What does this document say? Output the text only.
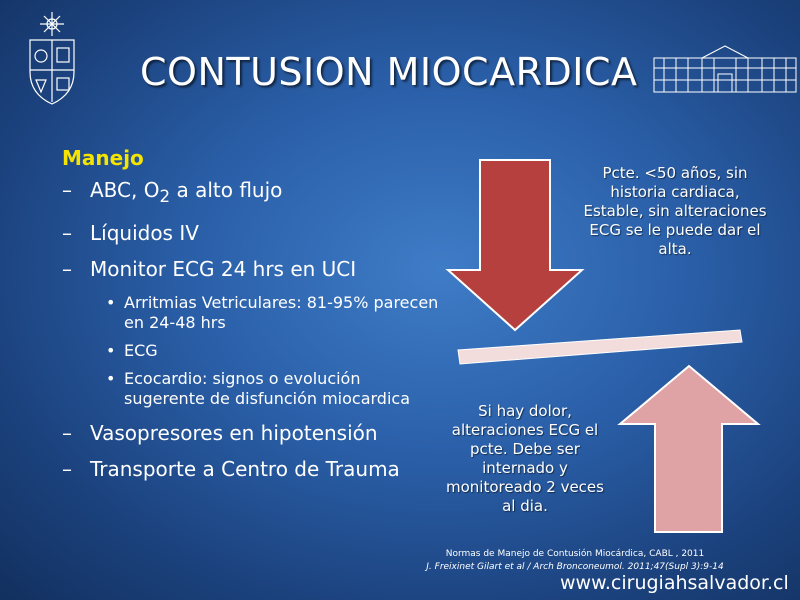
CONTUSION MIOCARDICA
Manejo
– ABC, $O_2$ a alto flujo
– Líquidos IV
– Monitor ECG 24 hrs en UCI
• Arritmias Vetriculares: 81-95% parecen en 24-48 hrs
• ECG
• Ecocardio: signos o evolución sugerente de disfunción miocardica
– Vasopresores en hipotensión
– Transporte a Centro de Trauma
Pcte. <50 años, sin historia cardiaca, Estable, sin alteraciones ECG se le puede dar el alta.
Si hay dolor, alteraciones ECG el pcte. Debe ser internado y monitoreado 2 veces al dia.
Normas de Manejo de Contusión Miocárdica, CABL , 2011
J. Freixinet Gilart et al / Arch Bronconeumol. 2011;47(Supl 3):9-14
www.cirugiahsalvador.cl
